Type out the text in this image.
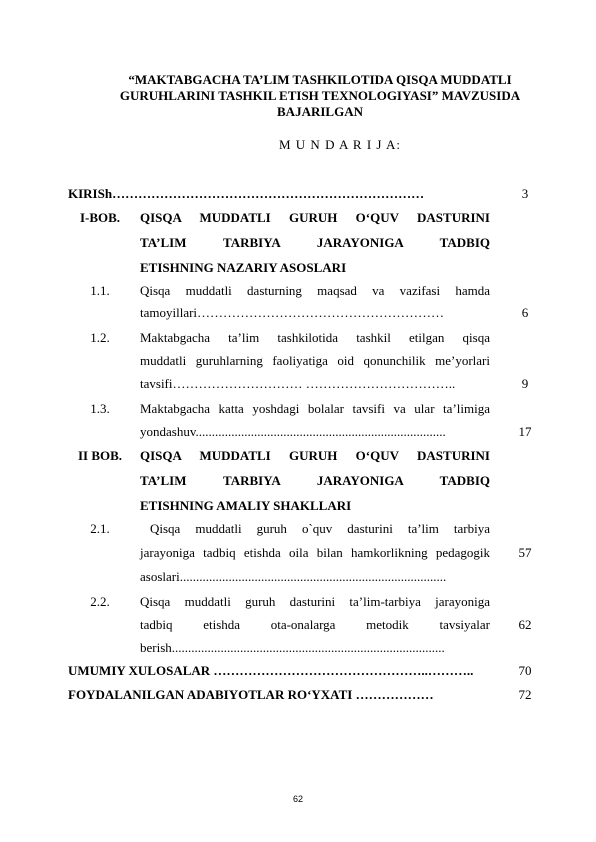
“MAKTABGACHA TA’LIM TASHKILOTIDA QISQA MUDDATLI GURUHLARINI TASHKIL ETISH TEXNOLOGIYASI” MAVZUSIDA BAJARILGAN
M U N D A R I J A:
KIRISh………………………………………………………………	3
I-BOB.	QISQA MUDDATLI GURUH O‘QUV DASTURINI
TA’LIM TARBIYA JARAYONIGA TADBIQ
ETISHNING NAZARIY ASOSLARI
1.1.	Qisqa muddatli dasturning maqsad va vazifasi hamda
tamoyillari…………………………………………………	6
1.2.	Maktabgacha ta’lim tashkilotida tashkil etilgan qisqa
muddatli guruhlarning faoliyatiga oid qonunchilik me’yorlari
tavsifi………………………… ……………………………..	9
1.3.	Maktabgacha katta yoshdagi bolalar tavsifi va ular ta’limiga
yondashuv.............................................................................	17
II BOB.	QISQA MUDDATLI GURUH O‘QUV DASTURINI
TA’LIM TARBIYA JARAYONIGA TADBIQ
ETISHNING AMALIY SHAKLLARI
2.1.	Qisqa muddatli guruh o`quv dasturini ta’lim tarbiya
jarayoniga tadbiq etishda oila bilan hamkorlikning pedagogik	57
asoslari..................................................................................
2.2.	Qisqa muddatli guruh dasturini ta’lim-tarbiya jarayoniga
tadbiq etishda ota-onalarga metodik tavsiyalar	62
berish....................................................................................
UMUMIY XULOSALAR …………………………………………..………..	70
FOYDALANILGAN ADABIYOTLAR RO‘YXATI ………………	72
62
